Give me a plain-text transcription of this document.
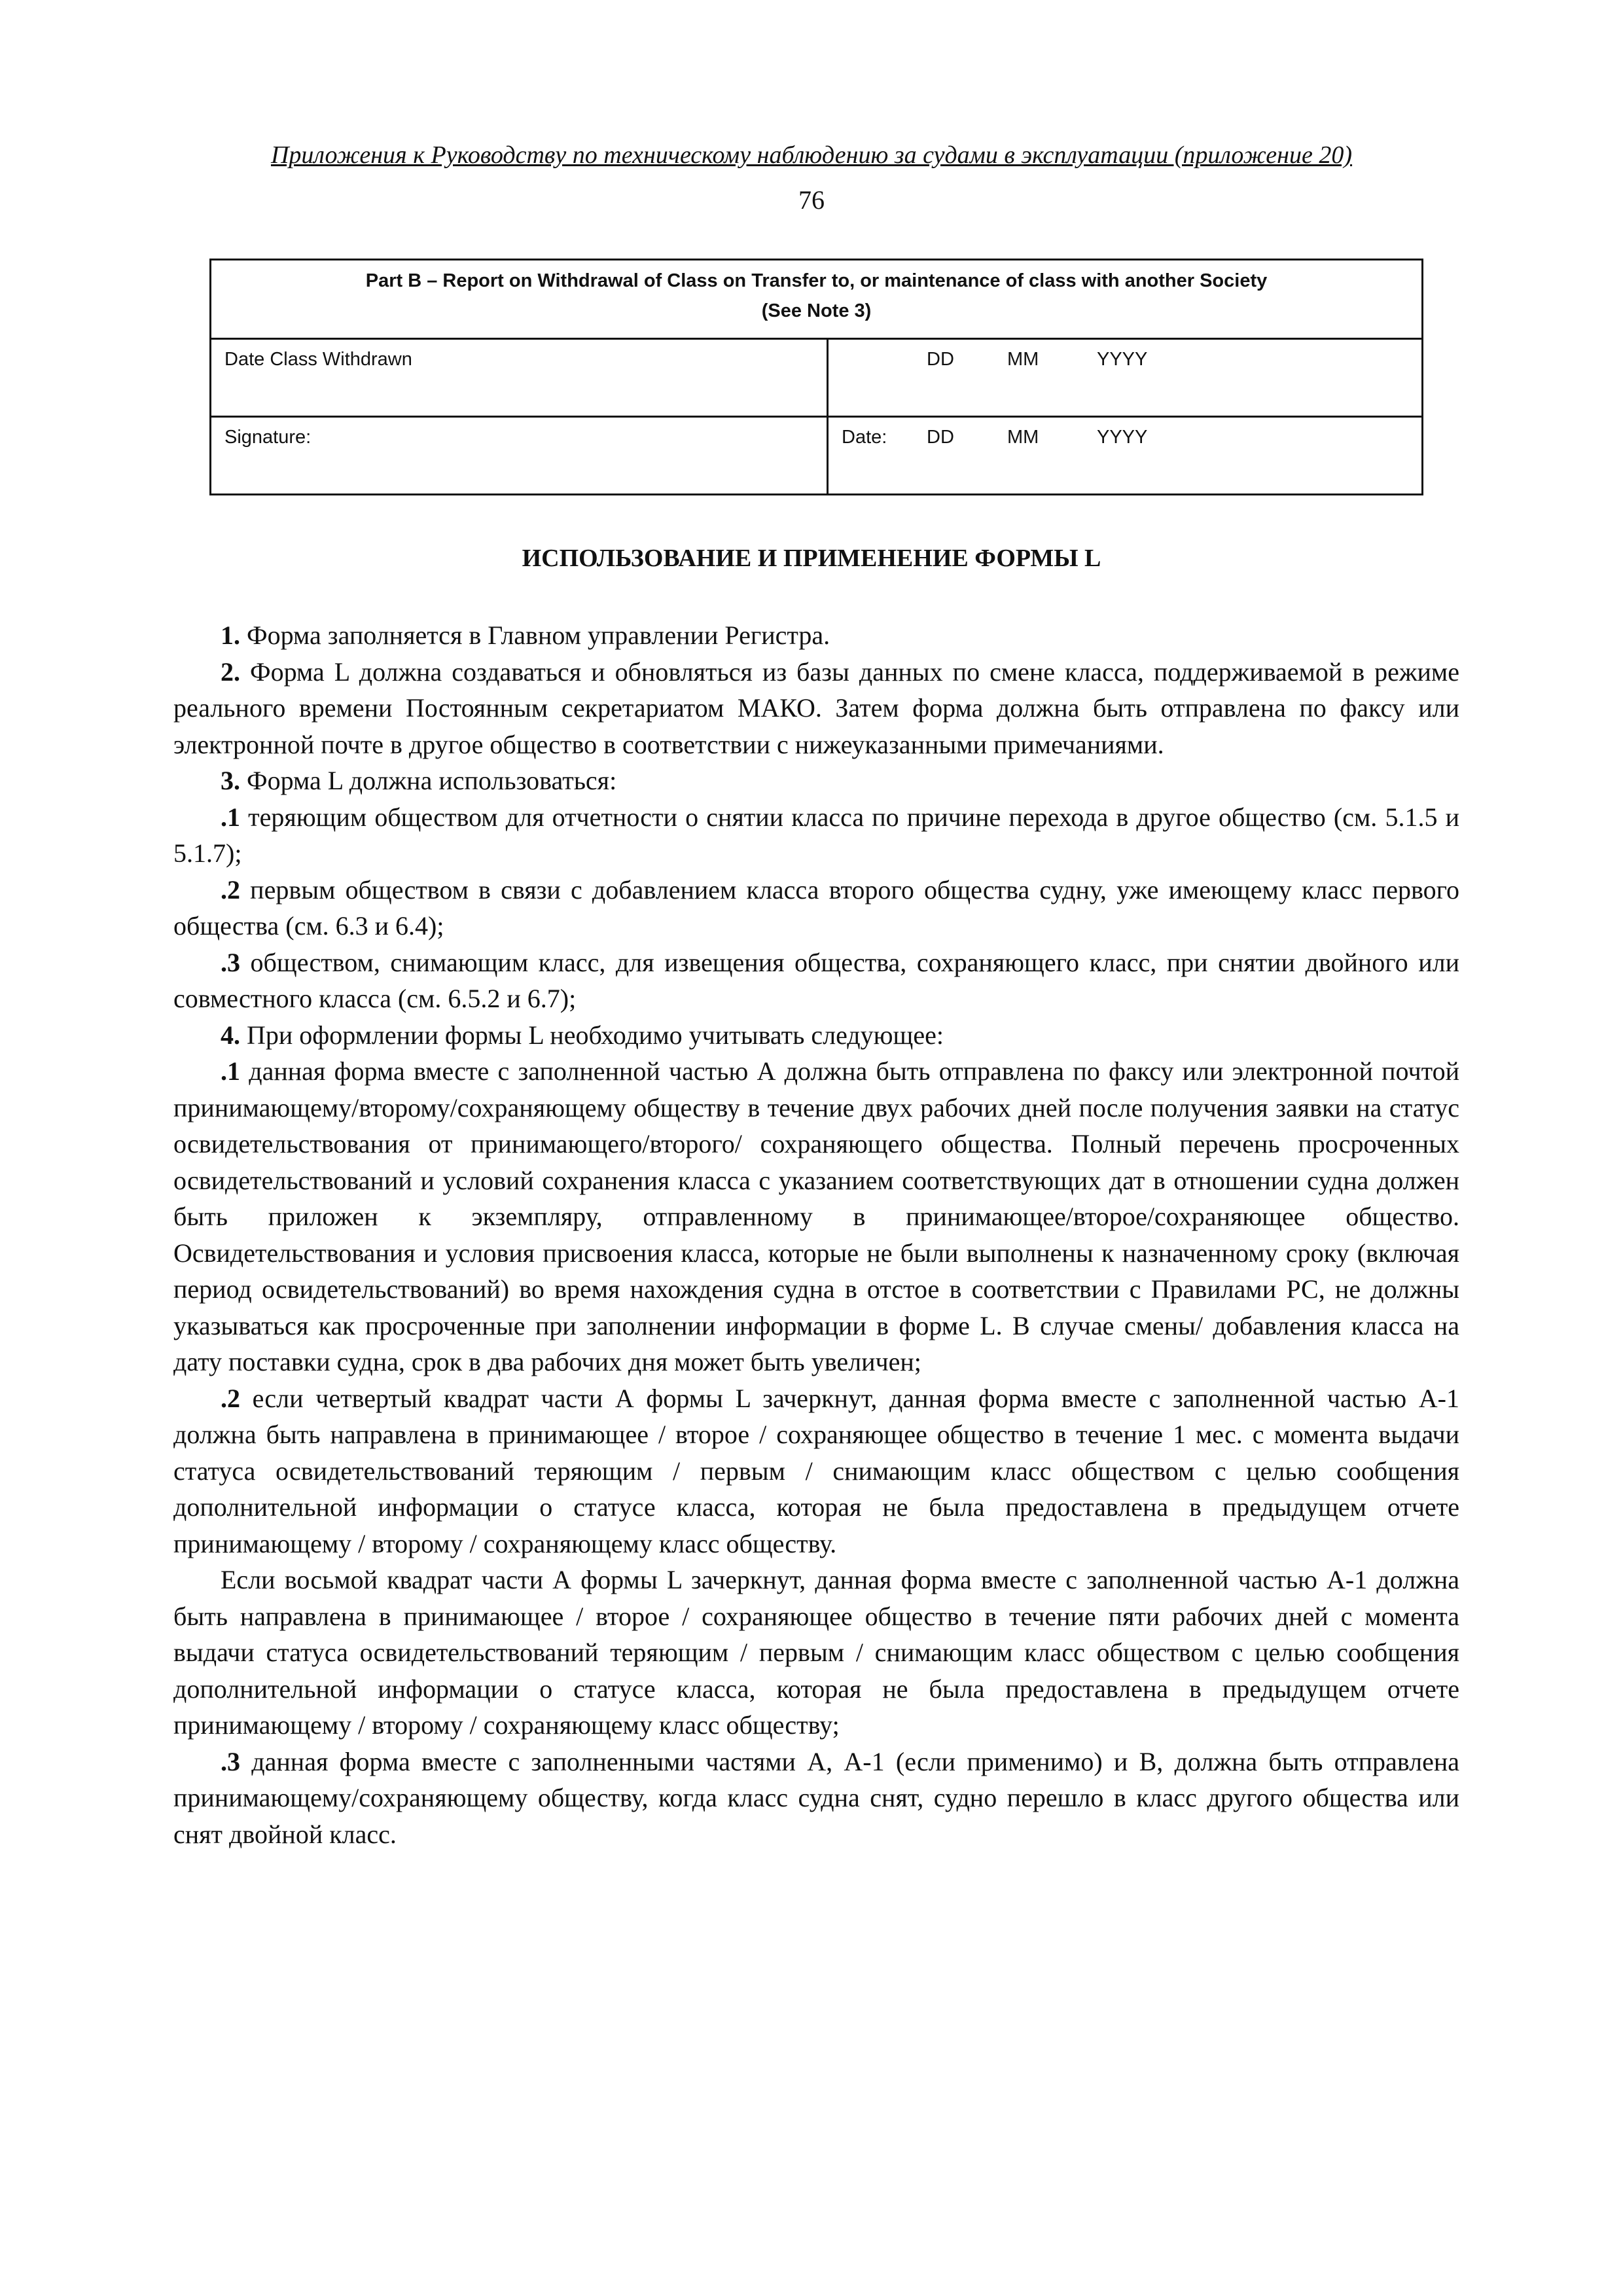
Приложения к Руководству по техническому наблюдению за судами в эксплуатации (приложение 20)
76
Part B – Report on Withdrawal of Class on Transfer to, or maintenance of class with another Society
(See Note 3)	

Date Class Withdrawn	DD MM YYYY

Signature:	Date: DD MM YYYY
ИСПОЛЬЗОВАНИЕ И ПРИМЕНЕНИЕ ФОРМЫ L

1. Форма заполняется в Главном управлении Регистра.

2. Форма L должна создаваться и обновляться из базы данных по смене класса, поддерживаемой в режиме реального времени Постоянным секретариатом МАКО. Затем форма должна быть отправлена по факсу или электронной почте в другое общество в соответствии с нижеуказанными примечаниями.

3. Форма L должна использоваться:

.1 теряющим обществом для отчетности о снятии класса по причине перехода в другое общество (см. 5.1.5 и 5.1.7);

.2 первым обществом в связи с добавлением класса второго общества судну, уже имеющему класс первого общества (см. 6.3 и 6.4);

.3 обществом, снимающим класс, для извещения общества, сохраняющего класс, при снятии двойного или совместного класса (см. 6.5.2 и 6.7);

4. При оформлении формы L необходимо учитывать следующее:

.1 данная форма вместе с заполненной частью А должна быть отправлена по факсу или электронной почтой принимающему/второму/сохраняющему обществу в течение двух рабочих дней после получения заявки на статус освидетельствования от принимающего/второго/ сохраняющего общества. Полный перечень просроченных освидетельствований и условий сохранения класса с указанием соответствующих дат в отношении судна должен быть приложен к экземпляру, отправленному в принимающее/второе/сохраняющее общество. Освидетельствования и условия присвоения класса, которые не были выполнены к назначенному сроку (включая период освидетельствований) во время нахождения судна в отстое в соответствии с Правилами РС, не должны указываться как просроченные при заполнении информации в форме L. В случае смены/ добавления класса на дату поставки судна, срок в два рабочих дня может быть увеличен;

.2 если четвертый квадрат части А формы L зачеркнут, данная форма вместе с заполненной частью А-1 должна быть направлена в принимающее / второе / сохраняющее общество в течение 1 мес. с момента выдачи статуса освидетельствований теряющим / первым / снимающим класс обществом с целью сообщения дополнительной информации о статусе класса, которая не была предоставлена в предыдущем отчете принимающему / второму / сохраняющему класс обществу.

Если восьмой квадрат части А формы L зачеркнут, данная форма вместе с заполненной частью А-1 должна быть направлена в принимающее / второе / сохраняющее общество в течение пяти рабочих дней с момента выдачи статуса освидетельствований теряющим / первым / снимающим класс обществом с целью сообщения дополнительной информации о статусе класса, которая не была предоставлена в предыдущем отчете принимающему / второму / сохраняющему класс обществу;

.3 данная форма вместе с заполненными частями А, А-1 (если применимо) и В, должна быть отправлена принимающему/сохраняющему обществу, когда класс судна снят, судно перешло в класс другого общества или снят двойной класс.
